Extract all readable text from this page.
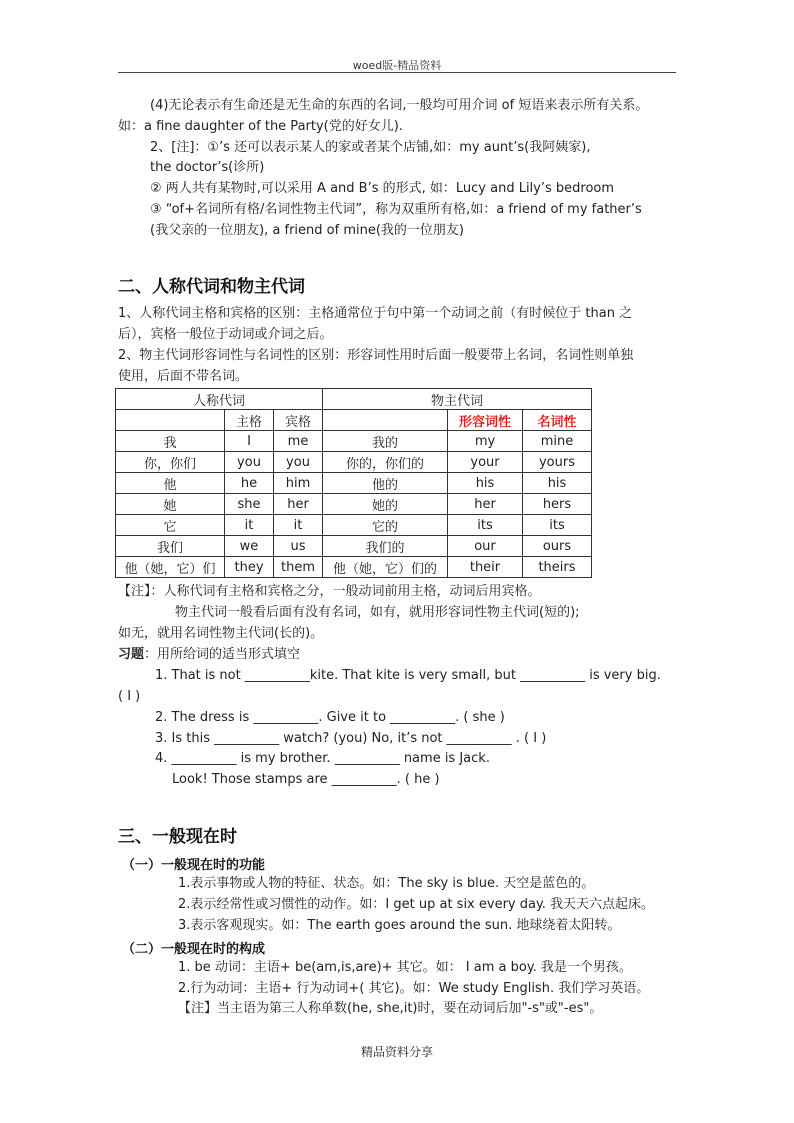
woed版-精品资料
(4)无论表示有生命还是无生命的东西的名词,一般均可用介词 of 短语来表示所有关系。
如：a fine daughter of the Party(党的好女儿).
2、[注]：①’s 还可以表示某人的家或者某个店铺,如：my aunt’s(我阿姨家),
the doctor’s(诊所)
② 两人共有某物时,可以采用 A and B’s 的形式, 如：Lucy and Lily’s bedroom
③ “of+名词所有格/名词性物主代词”，称为双重所有格,如：a friend of my father’s
(我父亲的一位朋友), a friend of mine(我的一位朋友)
二、人称代词和物主代词
1、人称代词主格和宾格的区别：主格通常位于句中第一个动词之前（有时候位于 than 之
后），宾格一般位于动词或介词之后。
2、物主代词形容词性与名词性的区别：形容词性用时后面一般要带上名词，名词性则单独
使用，后面不带名词。
人称代词			物主代词		
	主格	宾格		形容词性	名词性
我	I	me	我的	my	mine
你，你们	you	you	你的，你们的	your	yours
他	he	him	他的	his	his
她	she	her	她的	her	hers
它	it	it	它的	its	its
我们	we	us	我们的	our	ours
他（她，它）们	they	them	他（她，它）们的	their	theirs
【注】：人称代词有主格和宾格之分，一般动词前用主格，动词后用宾格。
物主代词一般看后面有没有名词，如有，就用形容词性物主代词(短的);
如无，就用名词性物主代词(长的)。
习题：用所给词的适当形式填空
1. That is not __________kite. That kite is very small, but __________ is very big.
( I )
2. The dress is __________. Give it to __________. ( she )
3. Is this __________ watch? (you) No, it’s not __________ . ( I )
4. __________ is my brother. __________ name is Jack.
Look! Those stamps are __________. ( he )
三、一般现在时
（一）一般现在时的功能
1.表示事物或人物的特征、状态。如：The sky is blue. 天空是蓝色的。
2.表示经常性或习惯性的动作。如：I get up at six every day. 我天天六点起床。
3.表示客观现实。如：The earth goes around the sun. 地球绕着太阳转。
（二）一般现在时的构成
1. be 动词：主语+ be(am,is,are)+ 其它。如： I am a boy. 我是一个男孩。
2.行为动词：主语+ 行为动词+( 其它)。如：We study English. 我们学习英语。
【注】当主语为第三人称单数(he, she,it)时，要在动词后加"-s"或"-es"。
精品资料分享
